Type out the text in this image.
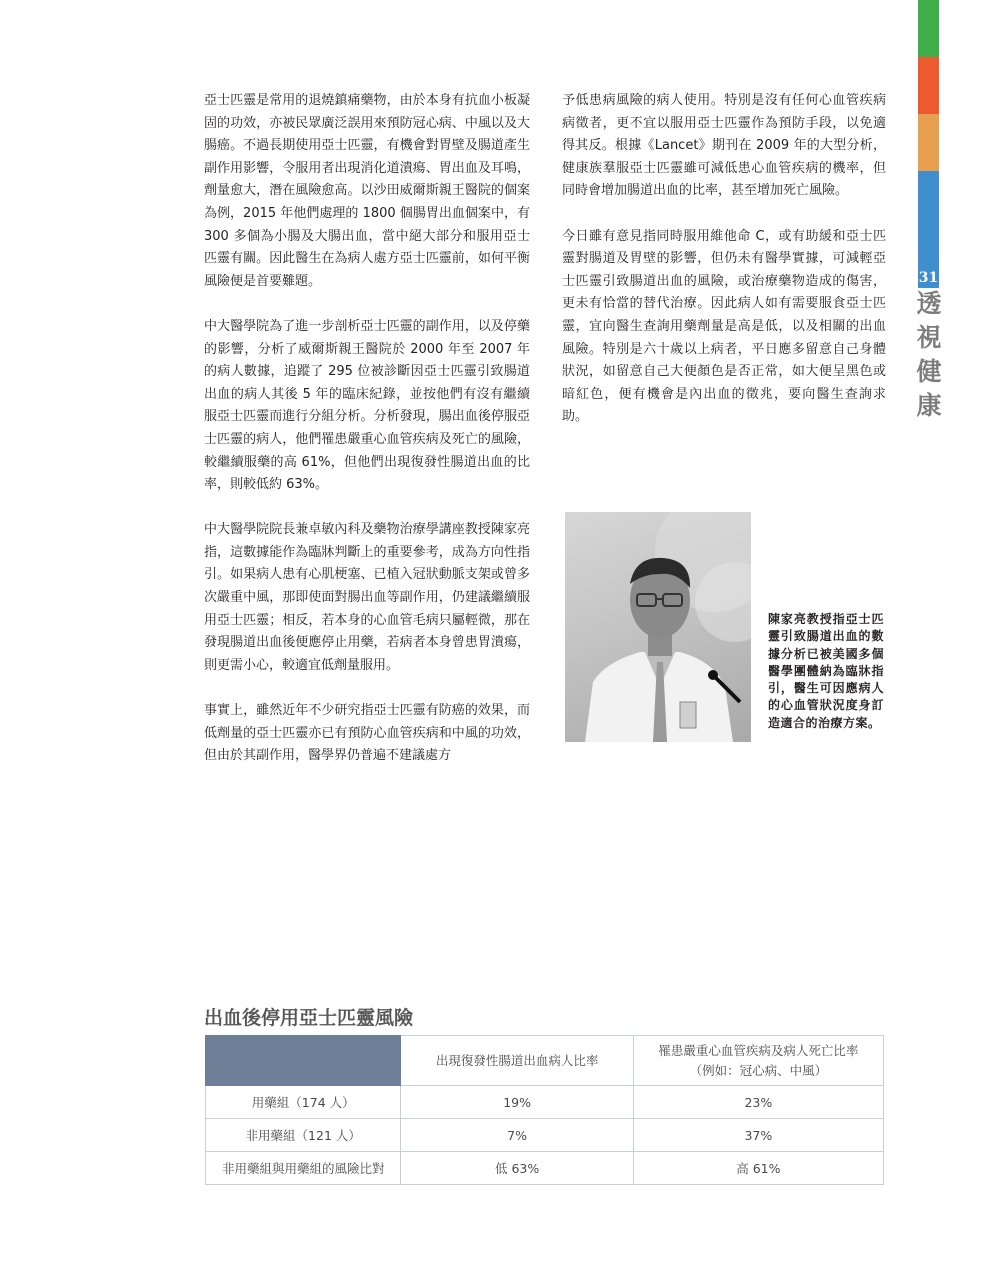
31
透
視
健
康

亞士匹靈是常用的退燒鎮痛藥物，由於本身有抗血小板凝固的功效，亦被民眾廣泛誤用來預防冠心病、中風以及大腸癌。不過長期使用亞士匹靈，有機會對胃壁及腸道產生副作用影響，令服用者出現消化道潰瘍、胃出血及耳鳴，劑量愈大，潛在風險愈高。以沙田威爾斯親王醫院的個案為例，2015 年他們處理的 1800 個腸胃出血個案中，有 300 多個為小腸及大腸出血，當中絕大部分和服用亞士匹靈有關。因此醫生在為病人處方亞士匹靈前，如何平衡風險便是首要難題。

中大醫學院為了進一步剖析亞士匹靈的副作用，以及停藥的影響，分析了威爾斯親王醫院於 2000 年至 2007 年的病人數據，追蹤了 295 位被診斷因亞士匹靈引致腸道出血的病人其後 5 年的臨床紀錄，並按他們有沒有繼續服亞士匹靈而進行分組分析。分析發現，腸出血後停服亞士匹靈的病人，他們罹患嚴重心血管疾病及死亡的風險，較繼續服藥的高 61%，但他們出現復發性腸道出血的比率，則較低約 63%。

中大醫學院院長兼卓敏內科及藥物治療學講座教授陳家亮指，這數據能作為臨牀判斷上的重要參考，成為方向性指引。如果病人患有心肌梗塞、已植入冠狀動脈支架或曾多次嚴重中風，那即使面對腸出血等副作用，仍建議繼續服用亞士匹靈；相反，若本身的心血管毛病只屬輕微，那在發現腸道出血後便應停止用藥，若病者本身曾患胃潰瘍，則更需小心，較適宜低劑量服用。

事實上，雖然近年不少研究指亞士匹靈有防癌的效果，而低劑量的亞士匹靈亦已有預防心血管疾病和中風的功效，但由於其副作用，醫學界仍普遍不建議處方

予低患病風險的病人使用。特別是沒有任何心血管疾病病徵者，更不宜以服用亞士匹靈作為預防手段，以免適得其反。根據《Lancet》期刊在 2009 年的大型分析，健康族羣服亞士匹靈雖可減低患心血管疾病的機率，但同時會增加腸道出血的比率，甚至增加死亡風險。

今日雖有意見指同時服用維他命 C，或有助緩和亞士匹靈對腸道及胃壁的影響，但仍未有醫學實據，可減輕亞士匹靈引致腸道出血的風險，或治療藥物造成的傷害，更未有恰當的替代治療。因此病人如有需要服食亞士匹靈，宜向醫生查詢用藥劑量是高是低，以及相關的出血風險。特別是六十歲以上病者，平日應多留意自己身體狀況，如留意自己大便顏色是否正常，如大便呈黑色或暗紅色，便有機會是內出血的徵兆，要向醫生查詢求助。

陳家亮教授指亞士匹靈引致腸道出血的數據分析已被美國多個醫學團體納為臨牀指引，醫生可因應病人的心血管狀況度身訂造適合的治療方案。
出血後停用亞士匹靈風險
	出現復發性腸道出血病人比率	罹患嚴重心血管疾病及病人死亡比率
（例如：冠心病、中風）

用藥組（174 人）	19%	23%
非用藥組（121 人）	7%	37%
非用藥組與用藥組的風險比對	低 63%	高 61%
